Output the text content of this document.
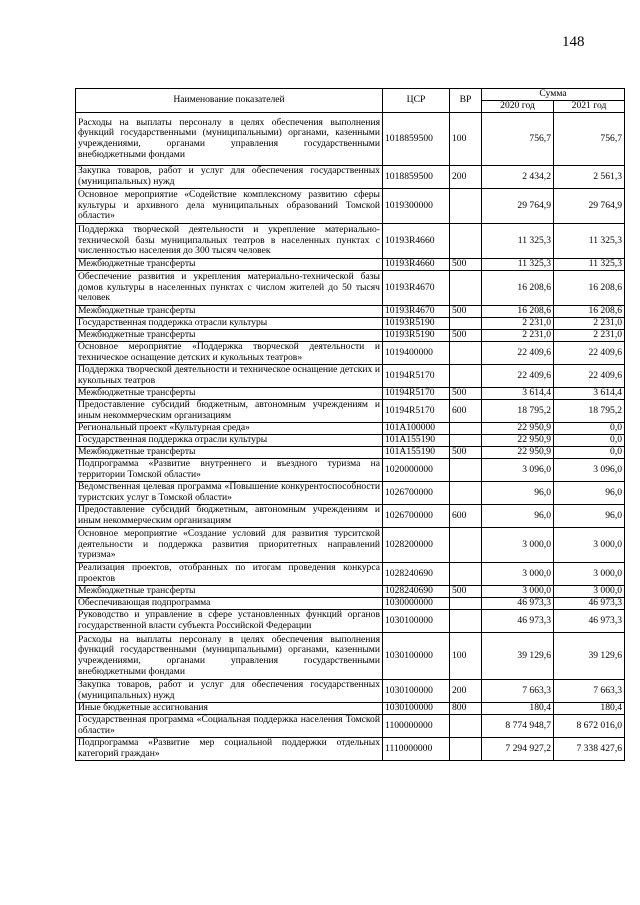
148
Наименование показателей	ЦСР	ВР	Сумма	
			2020 год	2021 год
Расходы на выплаты персоналу в целях обеспечения выполнения функций государственными (муниципальными) органами, казенными учреждениями, органами управления государственными внебюджетными фондами	1018859500	100	756,7	756,7
Закупка товаров, работ и услуг для обеспечения государственных (муниципальных) нужд	1018859500	200	2 434,2	2 561,3
Основное мероприятие «Содействие комплексному развитию сферы культуры и архивного дела муниципальных образований Томской области»	1019300000		29 764,9	29 764,9
Поддержка творческой деятельности и укрепление материально-технической базы муниципальных театров в населенных пунктах с численностью населения до 300 тысяч человек	10193R4660		11 325,3	11 325,3
Межбюджетные трансферты	10193R4660	500	11 325,3	11 325,3
Обеспечение развития и укрепления материально-технической базы домов культуры в населенных пунктах с числом жителей до 50 тысяч человек	10193R4670		16 208,6	16 208,6
Межбюджетные трансферты	10193R4670	500	16 208,6	16 208,6
Государственная поддержка отрасли культуры	10193R5190		2 231,0	2 231,0
Межбюджетные трансферты	10193R5190	500	2 231,0	2 231,0
Основное мероприятие «Поддержка творческой деятельности и техническое оснащение детских и кукольных театров»	1019400000		22 409,6	22 409,6
Поддержка творческой деятельности и техническое оснащение детских и кукольных театров	10194R5170		22 409,6	22 409,6
Межбюджетные трансферты	10194R5170	500	3 614,4	3 614,4
Предоставление субсидий бюджетным, автономным учреждениям и иным некоммерческим организациям	10194R5170	600	18 795,2	18 795,2
Региональный проект «Культурная среда»	101A100000		22 950,9	0,0
Государственная поддержка отрасли культуры	101A155190		22 950,9	0,0
Межбюджетные трансферты	101A155190	500	22 950,9	0,0
Подпрограмма «Развитие внутреннего и въездного туризма на территории Томской области»	1020000000		3 096,0	3 096,0
Ведомственная целевая программа «Повышение конкурентоспособности туристских услуг в Томской области»	1026700000		96,0	96,0
Предоставление субсидий бюджетным, автономным учреждениям и иным некоммерческим организациям	1026700000	600	96,0	96,0
Основное мероприятие «Создание условий для развития турситской деятельности и поддержка развития приоритетных направлений туризма»	1028200000		3 000,0	3 000,0
Реализация проектов, отобранных по итогам проведения конкурса проектов	1028240690		3 000,0	3 000,0
Межбюджетные трансферты	1028240690	500	3 000,0	3 000,0
Обеспечивающая подпрограмма	1030000000		46 973,3	46 973,3
Руководство и управление в сфере установленных функций органов государственной власти субъекта Российской Федерации	1030100000		46 973,3	46 973,3
Расходы на выплаты персоналу в целях обеспечения выполнения функций государственными (муниципальными) органами, казенными учреждениями, органами управления государственными внебюджетными фондами	1030100000	100	39 129,6	39 129,6
Закупка товаров, работ и услуг для обеспечения государственных (муниципальных) нужд	1030100000	200	7 663,3	7 663,3
Иные бюджетные ассигнования	1030100000	800	180,4	180,4
Государственная программа «Социальная поддержка населения Томской области»	1100000000		8 774 948,7	8 672 016,0
Подпрограмма «Развитие мер социальной поддержки отдельных категорий граждан»	1110000000		7 294 927,2	7 338 427,6
